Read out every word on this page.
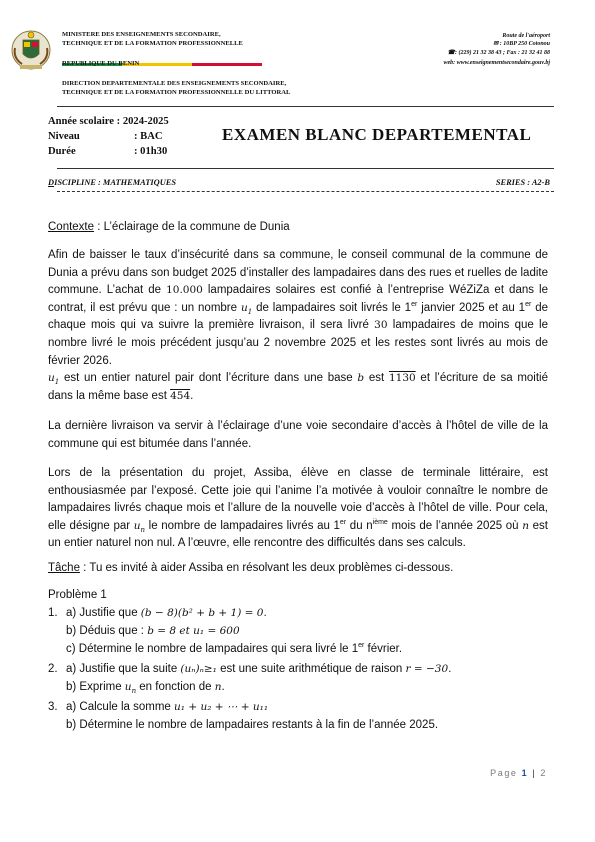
MINISTERE DES ENSEIGNEMENTS SECONDAIRE,
TECHNIQUE ET DE LA FORMATION PROFESSIONNELLE
REPUBLIQUE DU BENIN
DIRECTION DEPARTEMENTALE DES ENSEIGNEMENTS SECONDAIRE,
TECHNIQUE ET DE LA FORMATION PROFESSIONNELLE DU LITTORAL
Route de l'aéroport
✉ : 10BP 250 Cotonou
☎: (229) 21 32 38 43 ; Fax : 21 32 41 88
web: www.enseignementsecondaire.gouv.bj
Année scolaire : 2024-2025
Niveau	: BAC
Durée	: 01h30
EXAMEN BLANC DEPARTEMENTAL
DISCIPLINE : MATHEMATIQUES	SERIES : A2-B
Contexte : L’éclairage de la commune de Dunia
Afin de baisser le taux d’insécurité dans sa commune, le conseil communal de la commune de Dunia a prévu dans son budget 2025 d’installer des lampadaires dans des rues et ruelles de ladite commune. L’achat de 10.000 lampadaires solaires est confié à l’entreprise WéZiZa et dans le contrat, il est prévu que : un nombre $u_1$ de lampadaires soit livrés le 1er janvier 2025 et au 1er de chaque mois qui va suivre la première livraison, il sera livré 30 lampadaires de moins que le nombre livré le mois précédent jusqu’au 2 novembre 2025 et les restes sont livrés au mois de février 2026.
$u_1$ est un entier naturel pair dont l’écriture dans une base b est 1130 et l’écriture de sa moitié dans la même base est 454.
La dernière livraison va servir à l’éclairage d’une voie secondaire d’accès à l’hôtel de ville de la commune qui est bitumée dans l’année.
Lors de la présentation du projet, Assiba, élève en classe de terminale littéraire, est enthousiasmée par l’exposé. Cette joie qui l’anime l’a motivée à vouloir connaître le nombre de lampadaires livrés chaque mois et l’allure de la nouvelle voie d’accès à l’hôtel de ville. Pour cela, elle désigne par $u_n$ le nombre de lampadaires livrés au 1er du $n^{ième}$ mois de l’année 2025 où n est un entier naturel non nul. A l’œuvre, elle rencontre des difficultés dans ses calculs.
Tâche : Tu es invité à aider Assiba en résolvant les deux problèmes ci-dessous.
Problème 1
1. a) Justifie que (b − 8)(b² + b + 1) = 0.
b) Déduis que : b = 8 et u₁ = 600
c) Détermine le nombre de lampadaires qui sera livré le 1er février.
2. a) Justifie que la suite (uₙ)ₙ≥₁ est une suite arithmétique de raison r = −30.
b) Exprime $u_n$ en fonction de n.
3. a) Calcule la somme u₁ + u₂ + ⋯ + u₁₁
b) Détermine le nombre de lampadaires restants à la fin de l’année 2025.
Page 1 | 2
